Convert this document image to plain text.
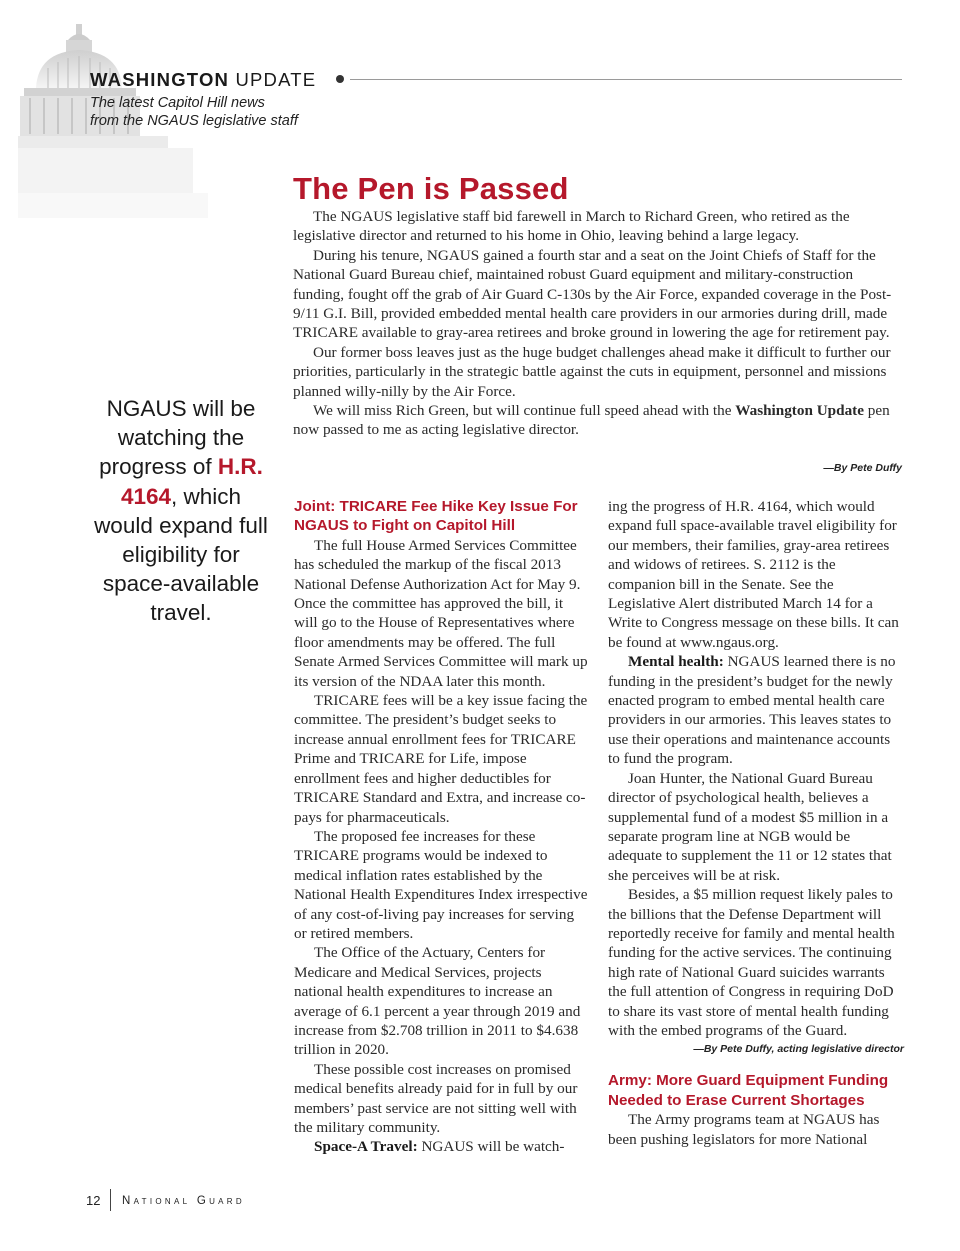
WASHINGTON UPDATE
The latest Capitol Hill news
from the NGAUS legislative staff
The Pen is Passed

The NGAUS legislative staff bid farewell in March to Richard Green, who retired as the legislative director and returned to his home in Ohio, leaving behind a large legacy.

During his tenure, NGAUS gained a fourth star and a seat on the Joint Chiefs of Staff for the National Guard Bureau chief, maintained robust Guard equipment and military-construction funding, fought off the grab of Air Guard C-130s by the Air Force, expanded coverage in the Post-9/11 G.I. Bill, provided embedded mental health care providers in our armories during drill, made TRICARE available to gray-area retirees and broke ground in lowering the age for retirement pay.

Our former boss leaves just as the huge budget challenges ahead make it difficult to further our priorities, particularly in the strategic battle against the cuts in equipment, personnel and missions planned willy-nilly by the Air Force.

We will miss Rich Green, but will continue full speed ahead with the Washington Update pen now passed to me as acting legislative director.

—By Pete Duffy
NGAUS will be watching the progress of H.R. 4164, which would expand full eligibility for space-available travel.
Joint: TRICARE Fee Hike Key Issue For NGAUS to Fight on Capitol Hill

The full House Armed Services Committee has scheduled the markup of the fiscal 2013 National Defense Authorization Act for May 9. Once the committee has approved the bill, it will go to the House of Representatives where floor amendments may be offered. The full Senate Armed Services Committee will mark up its version of the NDAA later this month.

TRICARE fees will be a key issue facing the committee. The president’s budget seeks to increase annual enrollment fees for TRICARE Prime and TRICARE for Life, impose enrollment fees and higher deductibles for TRICARE Standard and Extra, and increase co-pays for pharmaceuticals.

The proposed fee increases for these TRICARE programs would be indexed to medical inflation rates established by the National Health Expenditures Index irrespective of any cost-of-living pay increases for serving or retired members.

The Office of the Actuary, Centers for Medicare and Medical Services, projects national health expenditures to increase an average of 6.1 percent a year through 2019 and increase from $2.708 trillion in 2011 to $4.638 trillion in 2020.

These possible cost increases on promised medical benefits already paid for in full by our members’ past service are not sitting well with the military community.

Space-A Travel: NGAUS will be watch-

ing the progress of H.R. 4164, which would expand full space-available travel eligibility for our members, their families, gray-area retirees and widows of retirees. S. 2112 is the companion bill in the Senate. See the Legislative Alert distributed March 14 for a Write to Congress message on these bills. It can be found at www.ngaus.org.

Mental health: NGAUS learned there is no funding in the president’s budget for the newly enacted program to embed mental health care providers in our armories. This leaves states to use their operations and maintenance accounts to fund the program.

Joan Hunter, the National Guard Bureau director of psychological health, believes a supplemental fund of a modest $5 million in a separate program line at NGB would be adequate to supplement the 11 or 12 states that she perceives will be at risk.

Besides, a $5 million request likely pales to the billions that the Defense Department will reportedly receive for family and mental health funding for the active services. The continuing high rate of National Guard suicides warrants the full attention of Congress in requiring DoD to share its vast store of mental health funding with the embed programs of the Guard.

—By Pete Duffy, acting legislative director
Army: More Guard Equipment Funding Needed to Erase Current Shortages

The Army programs team at NGAUS has been pushing legislators for more National

12 National Guard
